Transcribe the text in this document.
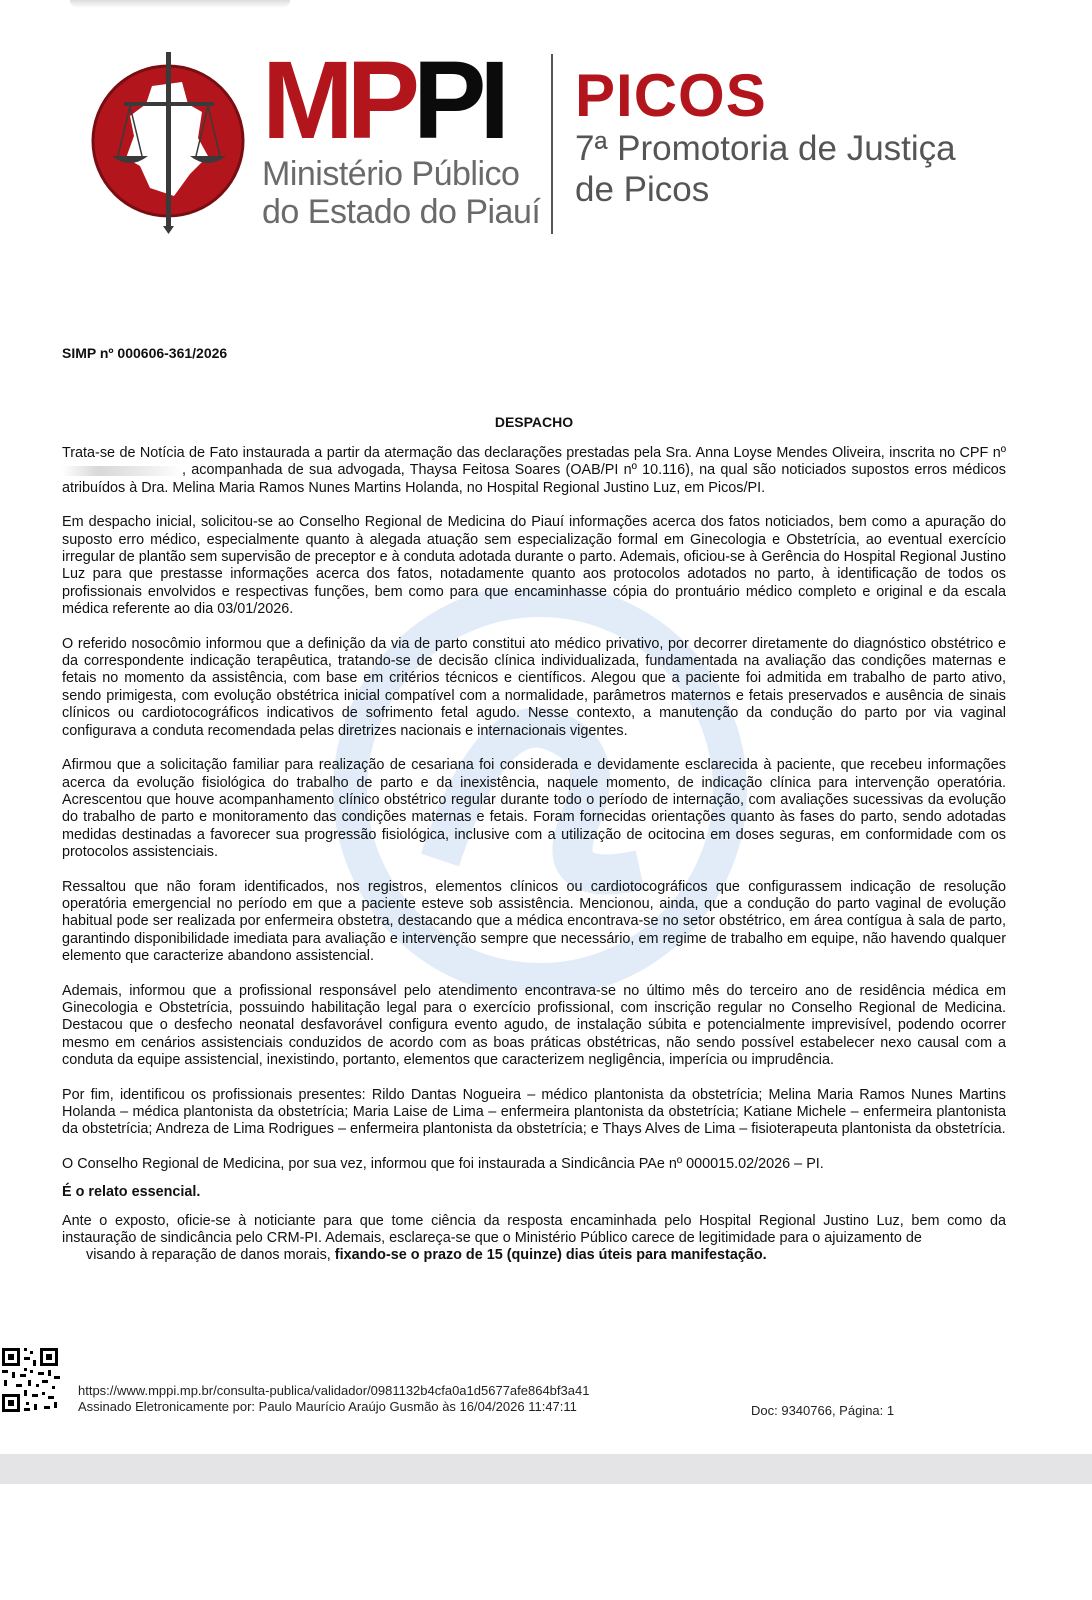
MPPI
Ministério Público
do Estado do Piauí
PICOS
7ª Promotoria de Justiça
de Picos
SIMP nº 000606-361/2026
DESPACHO

Trata-se de Notícia de Fato instaurada a partir da atermação das declarações prestadas pela Sra. Anna Loyse Mendes Oliveira, inscrita no CPF nº , acompanhada de sua advogada, Thaysa Feitosa Soares (OAB/PI nº 10.116), na qual são noticiados supostos erros médicos atribuídos à Dra. Melina Maria Ramos Nunes Martins Holanda, no Hospital Regional Justino Luz, em Picos/PI.

Em despacho inicial, solicitou-se ao Conselho Regional de Medicina do Piauí informações acerca dos fatos noticiados, bem como a apuração do suposto erro médico, especialmente quanto à alegada atuação sem especialização formal em Ginecologia e Obstetrícia, ao eventual exercício irregular de plantão sem supervisão de preceptor e à conduta adotada durante o parto. Ademais, oficiou-se à Gerência do Hospital Regional Justino Luz para que prestasse informações acerca dos fatos, notadamente quanto aos protocolos adotados no parto, à identificação de todos os profissionais envolvidos e respectivas funções, bem como para que encaminhasse cópia do prontuário médico completo e original e da escala médica referente ao dia 03/01/2026.

O referido nosocômio informou que a definição da via de parto constitui ato médico privativo, por decorrer diretamente do diagnóstico obstétrico e da correspondente indicação terapêutica, tratando-se de decisão clínica individualizada, fundamentada na avaliação das condições maternas e fetais no momento da assistência, com base em critérios técnicos e científicos. Alegou que a paciente foi admitida em trabalho de parto ativo, sendo primigesta, com evolução obstétrica inicial compatível com a normalidade, parâmetros maternos e fetais preservados e ausência de sinais clínicos ou cardiotocográficos indicativos de sofrimento fetal agudo. Nesse contexto, a manutenção da condução do parto por via vaginal configurava a conduta recomendada pelas diretrizes nacionais e internacionais vigentes.

Afirmou que a solicitação familiar para realização de cesariana foi considerada e devidamente esclarecida à paciente, que recebeu informações acerca da evolução fisiológica do trabalho de parto e da inexistência, naquele momento, de indicação clínica para intervenção operatória. Acrescentou que houve acompanhamento clínico obstétrico regular durante todo o período de internação, com avaliações sucessivas da evolução do trabalho de parto e monitoramento das condições maternas e fetais. Foram fornecidas orientações quanto às fases do parto, sendo adotadas medidas destinadas a favorecer sua progressão fisiológica, inclusive com a utilização de ocitocina em doses seguras, em conformidade com os protocolos assistenciais.

Ressaltou que não foram identificados, nos registros, elementos clínicos ou cardiotocográficos que configurassem indicação de resolução operatória emergencial no período em que a paciente esteve sob assistência. Mencionou, ainda, que a condução do parto vaginal de evolução habitual pode ser realizada por enfermeira obstetra, destacando que a médica encontrava-se no setor obstétrico, em área contígua à sala de parto, garantindo disponibilidade imediata para avaliação e intervenção sempre que necessário, em regime de trabalho em equipe, não havendo qualquer elemento que caracterize abandono assistencial.

Ademais, informou que a profissional responsável pelo atendimento encontrava-se no último mês do terceiro ano de residência médica em Ginecologia e Obstetrícia, possuindo habilitação legal para o exercício profissional, com inscrição regular no Conselho Regional de Medicina. Destacou que o desfecho neonatal desfavorável configura evento agudo, de instalação súbita e potencialmente imprevisível, podendo ocorrer mesmo em cenários assistenciais conduzidos de acordo com as boas práticas obstétricas, não sendo possível estabelecer nexo causal com a conduta da equipe assistencial, inexistindo, portanto, elementos que caracterizem negligência, imperícia ou imprudência.

Por fim, identificou os profissionais presentes: Rildo Dantas Nogueira – médico plantonista da obstetrícia; Melina Maria Ramos Nunes Martins Holanda – médica plantonista da obstetrícia; Maria Laise de Lima – enfermeira plantonista da obstetrícia; Katiane Michele – enfermeira plantonista da obstetrícia; Andreza de Lima Rodrigues – enfermeira plantonista da obstetrícia; e Thays Alves de Lima – fisioterapeuta plantonista da obstetrícia.

O Conselho Regional de Medicina, por sua vez, informou que foi instaurada a Sindicância PAe nº 000015.02/2026 – PI.

É o relato essencial.

Ante o exposto, oficie-se à noticiante para que tome ciência da resposta encaminhada pelo Hospital Regional Justino Luz, bem como da instauração de sindicância pelo CRM-PI. Ademais, esclareça-se que o Ministério Público carece de legitimidade para o ajuizamento de

visando à reparação de danos morais, fixando-se o prazo de 15 (quinze) dias úteis para manifestação.
https://www.mppi.mp.br/consulta-publica/validador/0981132b4cfa0a1d5677afe864bf3a41
Assinado Eletronicamente por: Paulo Maurício Araújo Gusmão às 16/04/2026 11:47:11	Doc: 9340766, Página: 1
